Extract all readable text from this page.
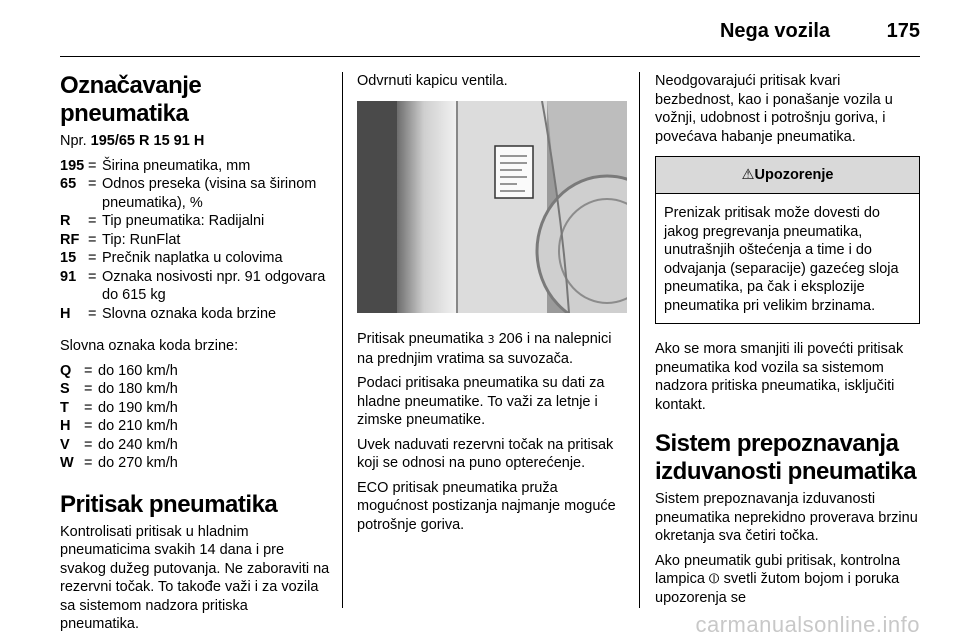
Nega vozila	175
Označavanje pneumatika

Npr. 195/65 R 15 91 H

195 = Širina pneumatika, mm
65 = Odnos preseka (visina sa širinom pneumatika), %
R	= Tip pneumatika: Radijalni
RF = Tip: RunFlat
15 = Prečnik naplatka u colovima
91 = Oznaka nosivosti npr. 91 odgovara do 615 kg
H	= Slovna oznaka koda brzine

Slovna oznaka koda brzine:

Q = do 160 km/h
S = do 180 km/h
T	= do 190 km/h
H = do 210 km/h
V = do 240 km/h
W = do 270 km/h
Pritisak pneumatika

Kontrolisati pritisak u hladnim pneumaticima svakih 14 dana i pre svakog dužeg putovanja. Ne zaboraviti na rezervni točak. To takođe važi i za vozila sa sistemom nadzora pritiska pneumatika.

Odvrnuti kapicu ventila.

Pritisak pneumatika 3 206 i na nalepnici na prednjim vratima sa suvozača.

Podaci pritisaka pneumatika su dati za hladne pneumatike. To važi za letnje i zimske pneumatike.

Uvek naduvati rezervni točak na pritisak koji se odnosi na puno opterećenje.

ECO pritisak pneumatika pruža mogućnost postizanja najmanje moguće potrošnje goriva.

Neodgovarajući pritisak kvari bezbednost, kao i ponašanje vozila u vožnji, udobnost i potrošnju goriva, i povećava habanje pneumatika.

⚠Upozorenje
Prenizak pritisak može dovesti do jakog pregrevanja pneumatika, unutrašnjih oštećenja a time i do odvajanja (separacije) gazećeg sloja pneumatika, pa čak i eksplozije pneumatika pri velikim brzinama.

Ako se mora smanjiti ili povećti pritisak pneumatika kod vozila sa sistemom nadzora pritiska pneumatika, isključiti kontakt.

Sistem prepoznavanja izduvanosti pneumatika

Sistem prepoznavanja izduvanosti pneumatika neprekidno proverava brzinu okretanja sva četiri točka.

Ako pneumatik gubi pritisak, kontrolna lampica ⦶ svetli žutom bojom i poruka upozorenja se

carmanualsonline.info
